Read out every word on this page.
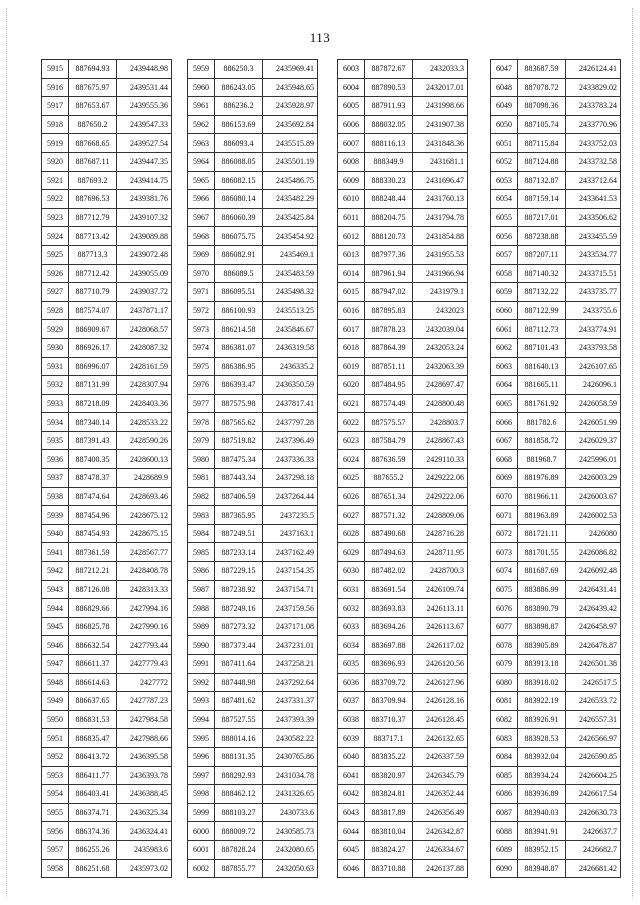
113
5915	887694.93	2439448.98
5916	887675.97	2439531.44
5917	887653.67	2439555.36
5918	887650.2	2439547.33
5919	887668.65	2439527.54
5920	887687.11	2439447.35
5921	887693.2	2439414.75
5922	887696.53	2439381.76
5923	887712.79	2439107.32
5924	887713.42	2439089.88
5925	887713.3	2439072.48
5926	887712.42	2439055.09
5927	887710.79	2439037.72
5928	887574.07	2437871.17
5929	886909.67	2428068.57
5930	886926.17	2428087.32
5931	886996.07	2428161.59
5932	887131.99	2428307.94
5933	887218.09	2428403.36
5934	887340.14	2428533.22
5935	887391.43	2428590.26
5936	887400.35	2428600.13
5937	887478.37	2428689.9
5938	887474.64	2428693.46
5939	887454.96	2428675.12
5940	887454.93	2428675.15
5941	887361.59	2428567.77
5942	887212.21	2428408.78
5943	887126.08	2428313.33
5944	886829.66	2427994.16
5945	886825.78	2427990.16
5946	886632.54	2427793.44
5947	886611.37	2427779.43
5948	886614.63	2427772
5949	886637.65	2427787.23
5950	886831.53	2427984.58
5951	886835.47	2427988.66
5952	886413.72	2436395.58
5953	886411.77	2436393.78
5954	886403.41	2436388.45
5955	886374.71	2436325.34
5956	886374.36	2436324.41
5957	886255.26	2435983.6
5958	886251.68	2435973.02
5959	886250.3	2435969.41
5960	886243.05	2435948.65
5961	886236.2	2435928.97
5962	886153.69	2435692.84
5963	886093.4	2435515.89
5964	886088.05	2435501.19
5965	886082.15	2435486.75
5966	886080.14	2435482.29
5967	886060.39	2435425.84
5968	886075.75	2435454.92
5969	886082.91	2435469.1
5970	886089.5	2435483.59
5971	886095.51	2435498.32
5972	886100.93	2435513.25
5973	886214.58	2435846.67
5974	886381.07	2436319.58
5975	886386.95	2436335.2
5976	886393.47	2436350.59
5977	887575.98	2437817.41
5978	887565.62	2437797.28
5979	887519.82	2437396.49
5980	887475.34	2437336.33
5981	887443.34	2437298.18
5982	887406.59	2437264.44
5983	887365.95	2437235.5
5984	887249.51	2437163.1
5985	887233.14	2437162.49
5986	887229.15	2437154.35
5987	887238.92	2437154.71
5988	887249.16	2437159.56
5989	887273.32	2437171.08
5990	887373.44	2437231.01
5991	887411.64	2437258.21
5992	887448.98	2437292.64
5993	887481.62	2437331.37
5994	887527.55	2437393.39
5995	888014.16	2430582.22
5996	888131.35	2430765.86
5997	888292.93	2431034.78
5998	888462.12	2431326.65
5999	888103.27	2430733.6
6000	888009.72	2430585.73
6001	887828.24	2432080.65
6002	887855.77	2432050.63
6003	887872.67	2432033.3
6004	887890.53	2432017.01
6005	887911.93	2431998.66
6006	888032.05	2431907.38
6007	888116.13	2431848.36
6008	888349.9	2431681.1
6009	888330.23	2431696.47
6010	888248.44	2431760.13
6011	888204.75	2431794.78
6012	888120.73	2431854.88
6013	887977.36	2431955.53
6014	887961.94	2431966.94
6015	887947.02	2431979.1
6016	887895.83	2432023
6017	887878.23	2432039.04
6018	887864.39	2432053.24
6019	887851.11	2432063.39
6020	887484.95	2428697.47
6021	887574.49	2428800.48
6022	887575.57	2428803.7
6023	887584.79	2428867.43
6024	887636.59	2429110.33
6025	887655.2	2429222.06
6026	887651.34	2429222.06
6027	887571.32	2428809.06
6028	887490.68	2428716.28
6029	887494.63	2428711.95
6030	887482.02	2428700.3
6031	883691.54	2426109.74
6032	883693.83	2426113.11
6033	883694.26	2426113.67
6034	883697.88	2426117.02
6035	883696.93	2426120.56
6036	883709.72	2426127.96
6037	883709.94	2426128.16
6038	883710.37	2426128.45
6039	883717.1	2426132.65
6040	883835.22	2426337.59
6041	883820.97	2426345.79
6042	883824.81	2426352.44
6043	883817.89	2426356.49
6044	883810.04	2426342.87
6045	883824.27	2426334.67
6046	883710.88	2426137.88
6047	883687.59	2426124.41
6048	887078.72	2433829.02
6049	887098.36	2433783.24
6050	887105.74	2433770.96
6051	887115.84	2433752.03
6052	887124.88	2433732.58
6053	887132.87	2433712.64
6054	887159.14	2433641.53
6055	887217.01	2433506.62
6056	887238.88	2433455.59
6057	887207.11	2433534.77
6058	887140.32	2433715.51
6059	887132.22	2433735.77
6060	887122.99	2433755.6
6061	887112.73	2433774.91
6062	887101.43	2433793.58
6063	881640.13	2426107.65
6064	881665.11	2426096.1
6065	881761.92	2426058.59
6066	881782.6	2426051.99
6067	881858.72	2426029.37
6068	881968.7	2425996.01
6069	881976.89	2426003.29
6070	881966.11	2426003.67
6071	881963.89	2426002.53
6072	881721.11	2426080
6073	881701.55	2426086.82
6074	881687.69	2426092.48
6075	883886.99	2426431.41
6076	883890.79	2426439.42
6077	883898.87	2426458.97
6078	883905.89	2426478.87
6079	883913.18	2426501.38
6080	883918.02	2426517.5
6081	883922.19	2426533.72
6082	883926.91	2426557.31
6083	883928.53	2426566.97
6084	883932.04	2426590.85
6085	883934.24	2426604.25
6086	883936.89	2426617.54
6087	883940.03	2426630.73
6088	883941.91	2426637.7
6089	883952.15	2426682.7
6090	883948.87	2426681.42
